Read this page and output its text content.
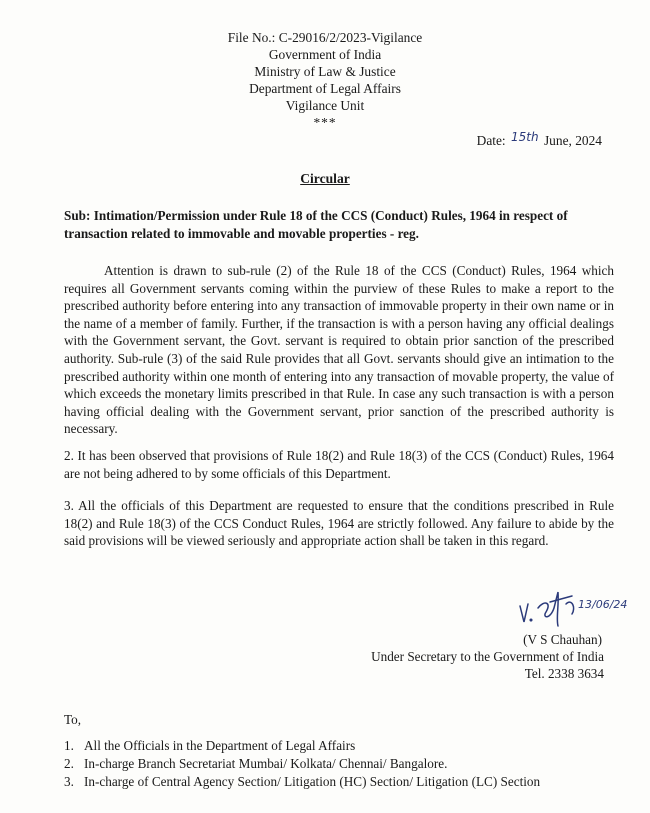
File No.: C-29016/2/2023-Vigilance
Government of India
Ministry of Law & Justice
Department of Legal Affairs
Vigilance Unit
***
Date: 15th June, 2024
Circular
Sub: Intimation/Permission under Rule 18 of the CCS (Conduct) Rules, 1964 in respect of transaction related to immovable and movable properties - reg.
Attention is drawn to sub-rule (2) of the Rule 18 of the CCS (Conduct) Rules, 1964 which requires all Government servants coming within the purview of these Rules to make a report to the prescribed authority before entering into any transaction of immovable property in their own name or in the name of a member of family. Further, if the transaction is with a person having any official dealings with the Government servant, the Govt. servant is required to obtain prior sanction of the prescribed authority. Sub-rule (3) of the said Rule provides that all Govt. servants should give an intimation to the prescribed authority within one month of entering into any transaction of movable property, the value of which exceeds the monetary limits prescribed in that Rule. In case any such transaction is with a person having official dealing with the Government servant, prior sanction of the prescribed authority is necessary.
2. It has been observed that provisions of Rule 18(2) and Rule 18(3) of the CCS (Conduct) Rules, 1964 are not being adhered to by some officials of this Department.
3. All the officials of this Department are requested to ensure that the conditions prescribed in Rule 18(2) and Rule 18(3) of the CCS Conduct Rules, 1964 are strictly followed. Any failure to abide by the said provisions will be viewed seriously and appropriate action shall be taken in this regard.
13/06/24
(V S Chauhan)
Under Secretary to the Government of India
Tel. 2338 3634
To,
1. All the Officials in the Department of Legal Affairs
2. In-charge Branch Secretariat Mumbai/ Kolkata/ Chennai/ Bangalore.
3. In-charge of Central Agency Section/ Litigation (HC) Section/ Litigation (LC) Section
